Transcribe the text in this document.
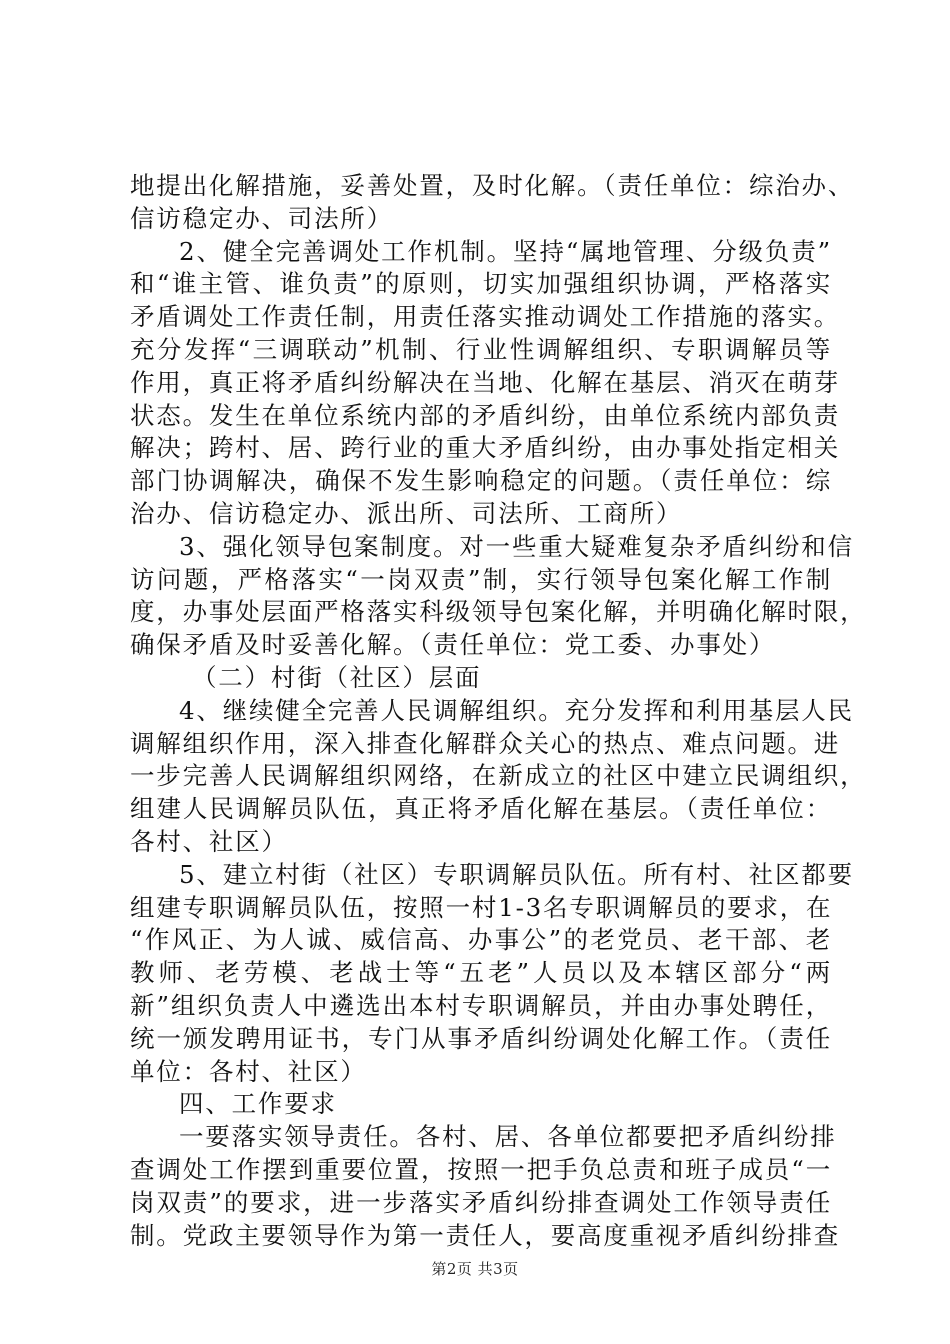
地提出化解措施，妥善处置，及时化解。（责任单位：综治办、
信访稳定办、司法所）
2、健全完善调处工作机制。坚持“属地管理、分级负责”
和“谁主管、谁负责”的原则，切实加强组织协调，严格落实
矛盾调处工作责任制，用责任落实推动调处工作措施的落实。
充分发挥“三调联动”机制、行业性调解组织、专职调解员等
作用，真正将矛盾纠纷解决在当地、化解在基层、消灭在萌芽
状态。发生在单位系统内部的矛盾纠纷，由单位系统内部负责
解决；跨村、居、跨行业的重大矛盾纠纷，由办事处指定相关
部门协调解决，确保不发生影响稳定的问题。（责任单位：综
治办、信访稳定办、派出所、司法所、工商所）
3、强化领导包案制度。对一些重大疑难复杂矛盾纠纷和信
访问题，严格落实“一岗双责”制，实行领导包案化解工作制
度，办事处层面严格落实科级领导包案化解，并明确化解时限，
确保矛盾及时妥善化解。（责任单位：党工委、办事处）
（二）村街（社区）层面
4、继续健全完善人民调解组织。充分发挥和利用基层人民
调解组织作用，深入排查化解群众关心的热点、难点问题。进
一步完善人民调解组织网络，在新成立的社区中建立民调组织，
组建人民调解员队伍，真正将矛盾化解在基层。（责任单位：
各村、社区）
5、建立村街（社区）专职调解员队伍。所有村、社区都要
组建专职调解员队伍，按照一村1-3名专职调解员的要求，在
“作风正、为人诚、威信高、办事公”的老党员、老干部、老
教师、老劳模、老战士等“五老”人员以及本辖区部分“两
新”组织负责人中遴选出本村专职调解员，并由办事处聘任，
统一颁发聘用证书，专门从事矛盾纠纷调处化解工作。（责任
单位：各村、社区）
四、工作要求
一要落实领导责任。各村、居、各单位都要把矛盾纠纷排
查调处工作摆到重要位置，按照一把手负总责和班子成员“一
岗双责”的要求，进一步落实矛盾纠纷排查调处工作领导责任
制。党政主要领导作为第一责任人，要高度重视矛盾纠纷排查
第2页 共3页
